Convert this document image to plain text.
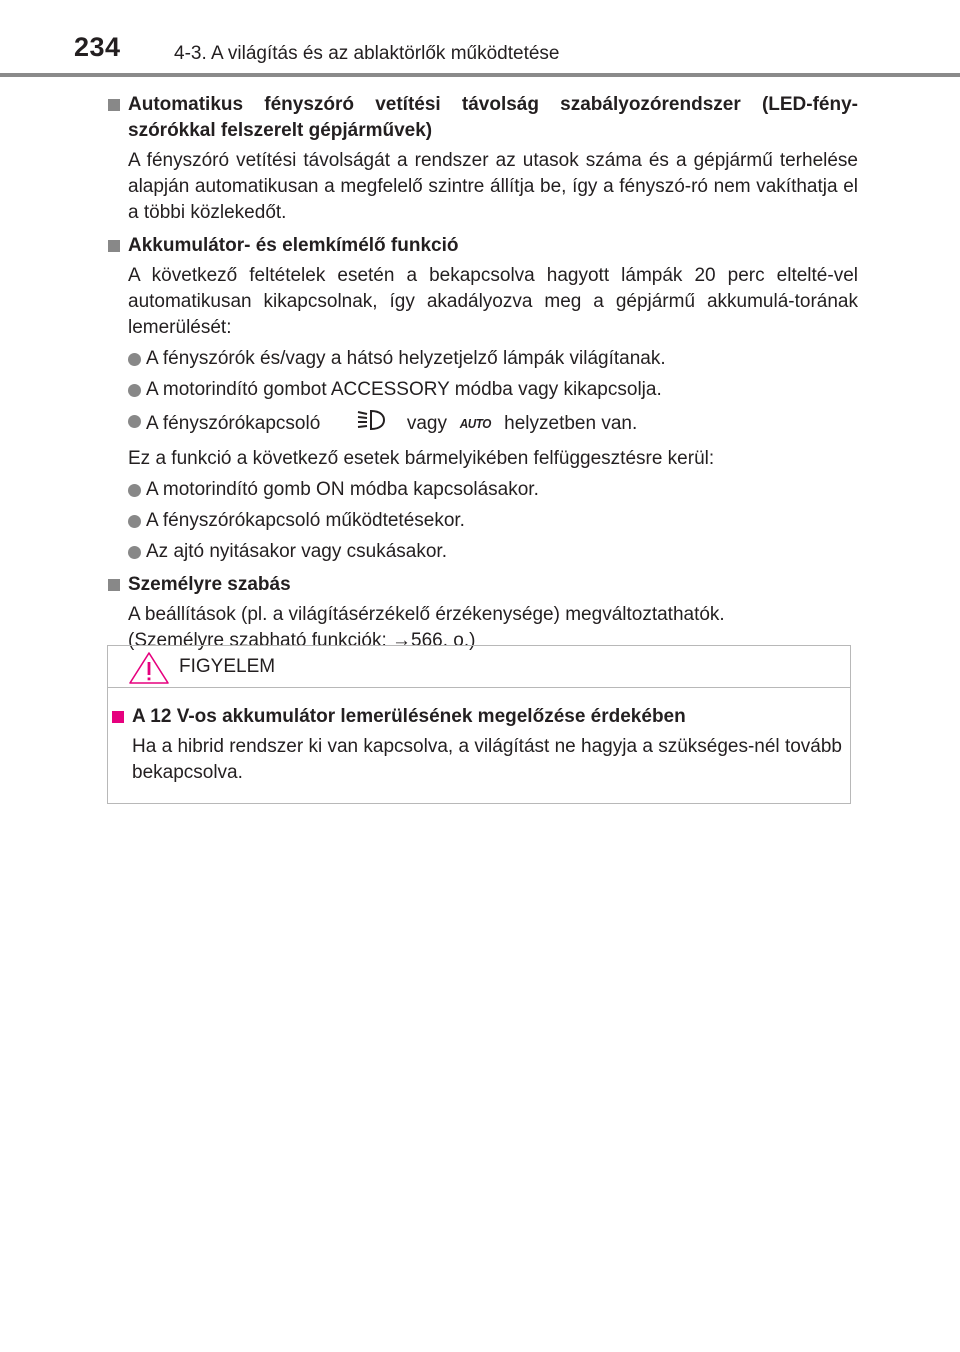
234	4-3. A világítás és az ablaktörlők működtetése
Automatikus fényszóró vetítési távolság szabályozórendszer (LED-fény-szórókkal felszerelt gépjárművek)
A fényszóró vetítési távolságát a rendszer az utasok száma és a gépjármű terhelése alapján automatikusan a megfelelő szintre állítja be, így a fényszó-ró nem vakíthatja el a többi közlekedőt.
Akkumulátor- és elemkímélő funkció
A következő feltételek esetén a bekapcsolva hagyott lámpák 20 perc eltelté-vel automatikusan kikapcsolnak, így akadályozva meg a gépjármű akkumulá-torának lemerülését:
A fényszórók és/vagy a hátsó helyzetjelző lámpák világítanak.
A motorindító gombot ACCESSORY módba vagy kikapcsolja.
A fényszórókapcsoló	vagy AUTO helyzetben van.
Ez a funkció a következő esetek bármelyikében felfüggesztésre kerül:
A motorindító gomb ON módba kapcsolásakor.
A fényszórókapcsoló működtetésekor.
Az ajtó nyitásakor vagy csukásakor.
Személyre szabás
A beállítások (pl. a világításérzékelő érzékenysége) megváltoztathatók.
(Személyre szabható funkciók: →566. o.)
FIGYELEM
A 12 V-os akkumulátor lemerülésének megelőzése érdekében
Ha a hibrid rendszer ki van kapcsolva, a világítást ne hagyja a szükséges-nél tovább bekapcsolva.
